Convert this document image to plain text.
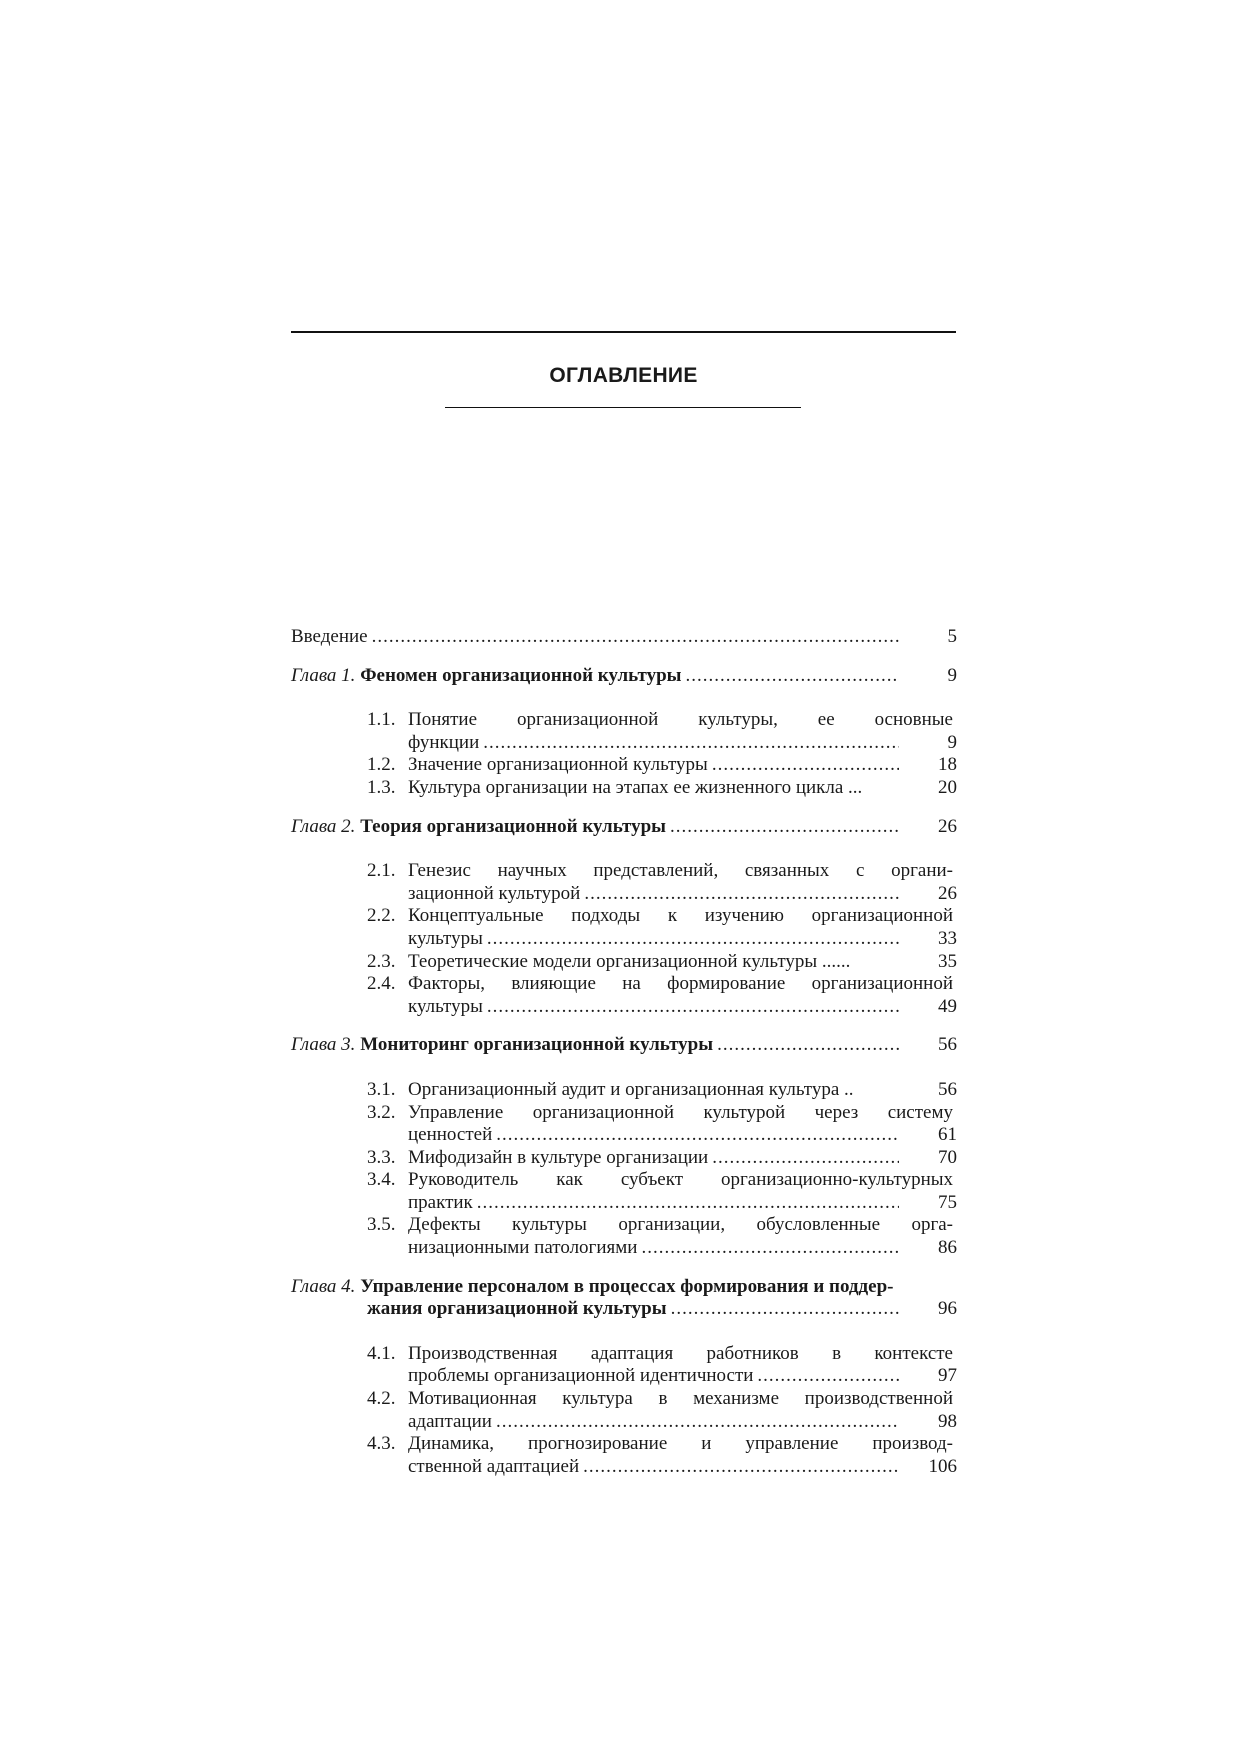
ОГЛАВЛЕНИЕ
Введение .....	5
Глава 1.
Феномен организационной культуры .....	9
1.1. Понятие организационной культуры, ее основные
функции .....	9
1.2. Значение организационной культуры .....	18
1.3. Культура организации на этапах ее жизненного цикла ...	20
Глава 2.
Теория организационной культуры .....	26
2.1. Генезис научных представлений, связанных с органи-
зационной культурой .....	26
2.2. Концептуальные подходы к изучению организационной
культуры .....	33
2.3. Теоретические модели организационной культуры ......	35
2.4. Факторы, влияющие на формирование организационной
культуры .....	49
Глава 3.
Мониторинг организационной культуры .....	56
3.1. Организационный аудит и организационная культура ..	56
3.2. Управление организационной культурой через систему
ценностей .....	61
3.3. Мифодизайн в культуре организации .....	70
3.4. Руководитель как субъект организационно-культурных
практик .....	75
3.5. Дефекты культуры организации, обусловленные орга-
низационными патологиями .....	86
Глава 4.
Управление персоналом в процессах формирования и поддер-
жания организационной культуры .....	96
4.1. Производственная адаптация работников в контексте
проблемы организационной идентичности .....	97
4.2. Мотивационная культура в механизме производственной
адаптации .....	98
4.3. Динамика, прогнозирование и управление производ-
ственной адаптацией .....	106
